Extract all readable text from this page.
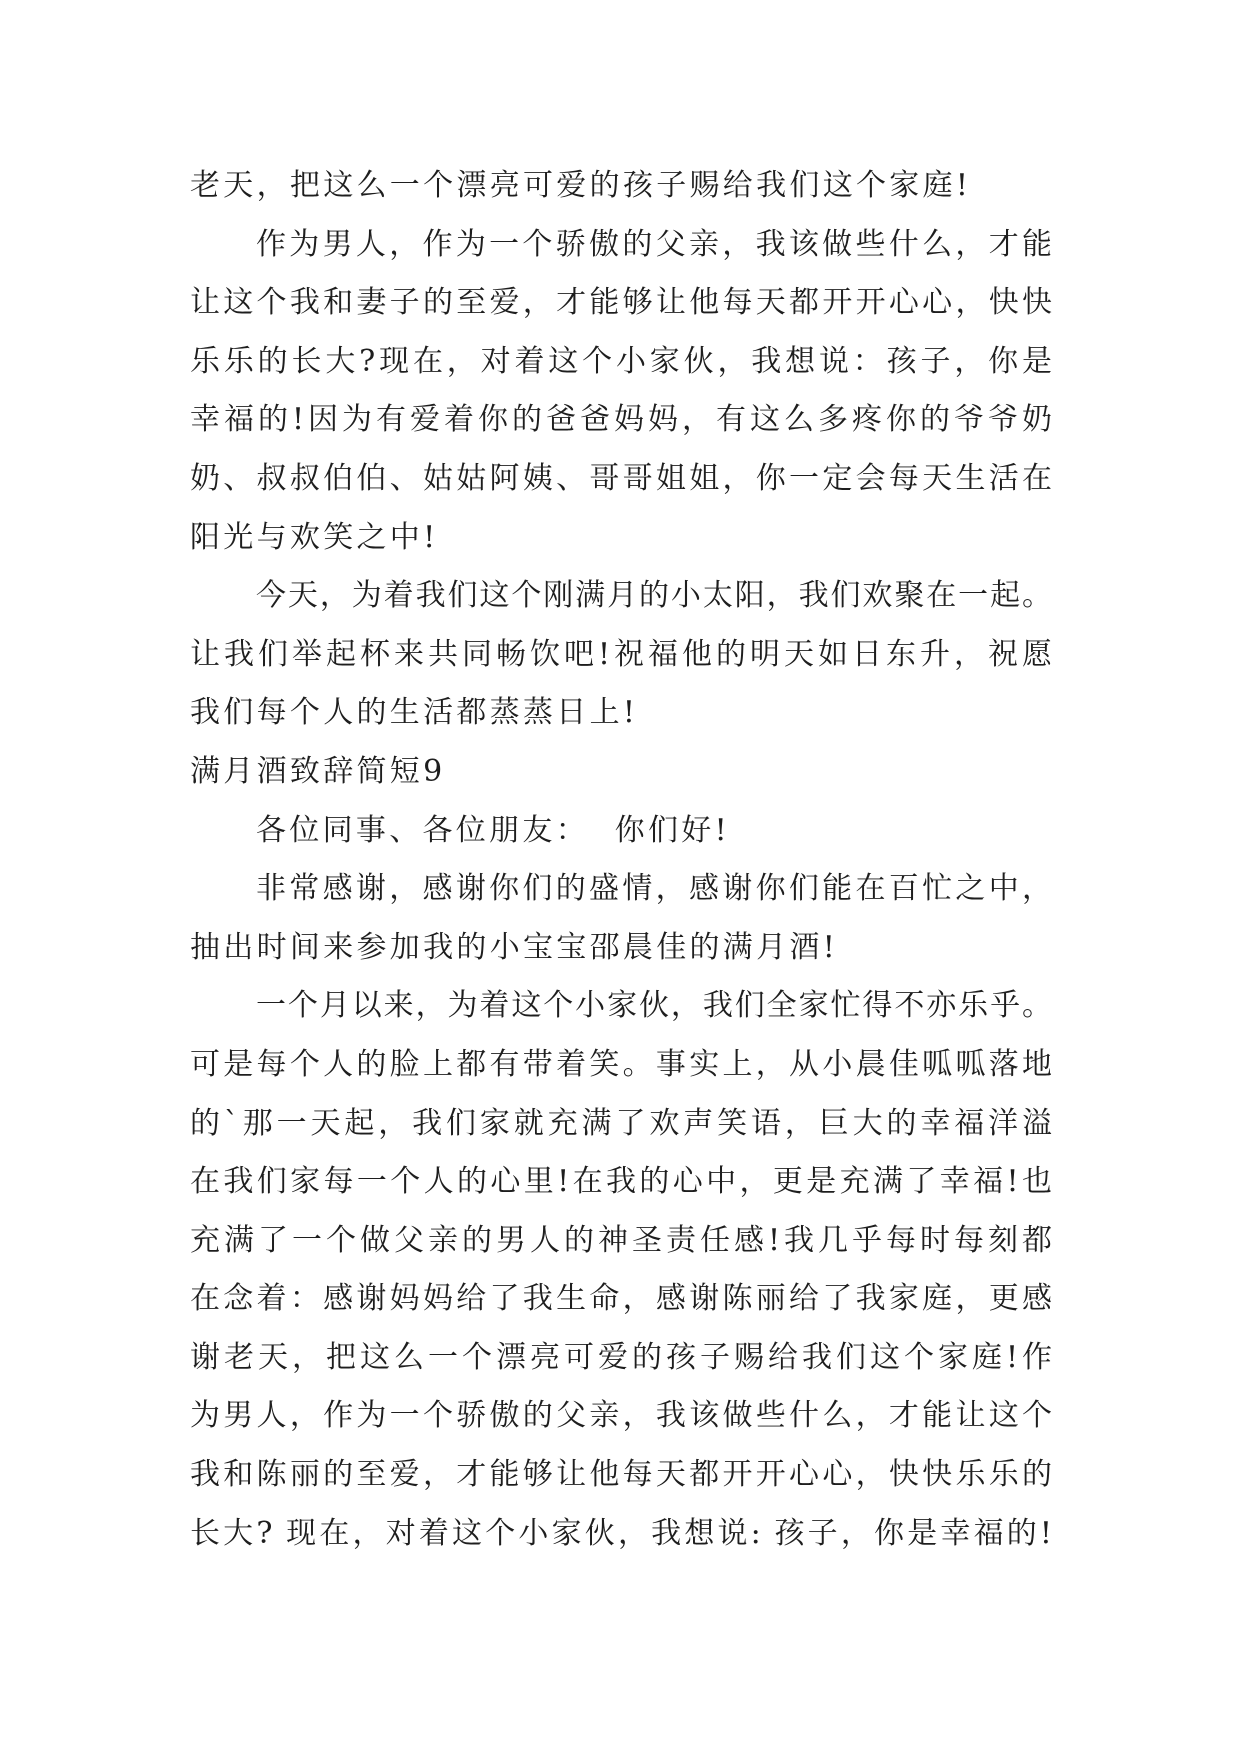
老天，把这么一个漂亮可爱的孩子赐给我们这个家庭!
作为男人，作为一个骄傲的父亲，我该做些什么，才能
让这个我和妻子的至爱，才能够让他每天都开开心心，快快
乐乐的长大?现在，对着这个小家伙，我想说：孩子，你是
幸福的!因为有爱着你的爸爸妈妈，有这么多疼你的爷爷奶
奶、叔叔伯伯、姑姑阿姨、哥哥姐姐，你一定会每天生活在
阳光与欢笑之中!
今天，为着我们这个刚满月的小太阳，我们欢聚在一起。
让我们举起杯来共同畅饮吧!祝福他的明天如日东升，祝愿
我们每个人的生活都蒸蒸日上!
满月酒致辞简短9
各位同事、各位朋友：  你们好!
非常感谢，感谢你们的盛情，感谢你们能在百忙之中，
抽出时间来参加我的小宝宝邵晨佳的满月酒!
一个月以来，为着这个小家伙，我们全家忙得不亦乐乎。
可是每个人的脸上都有带着笑。事实上，从小晨佳呱呱落地
的`那一天起，我们家就充满了欢声笑语，巨大的幸福洋溢
在我们家每一个人的心里!在我的心中，更是充满了幸福!也
充满了一个做父亲的男人的神圣责任感!我几乎每时每刻都
在念着：感谢妈妈给了我生命，感谢陈丽给了我家庭，更感
谢老天，把这么一个漂亮可爱的孩子赐给我们这个家庭!作
为男人，作为一个骄傲的父亲，我该做些什么，才能让这个
我和陈丽的至爱，才能够让他每天都开开心心，快快乐乐的
长大? 现在，对着这个小家伙，我想说: 孩子，你是幸福的!
